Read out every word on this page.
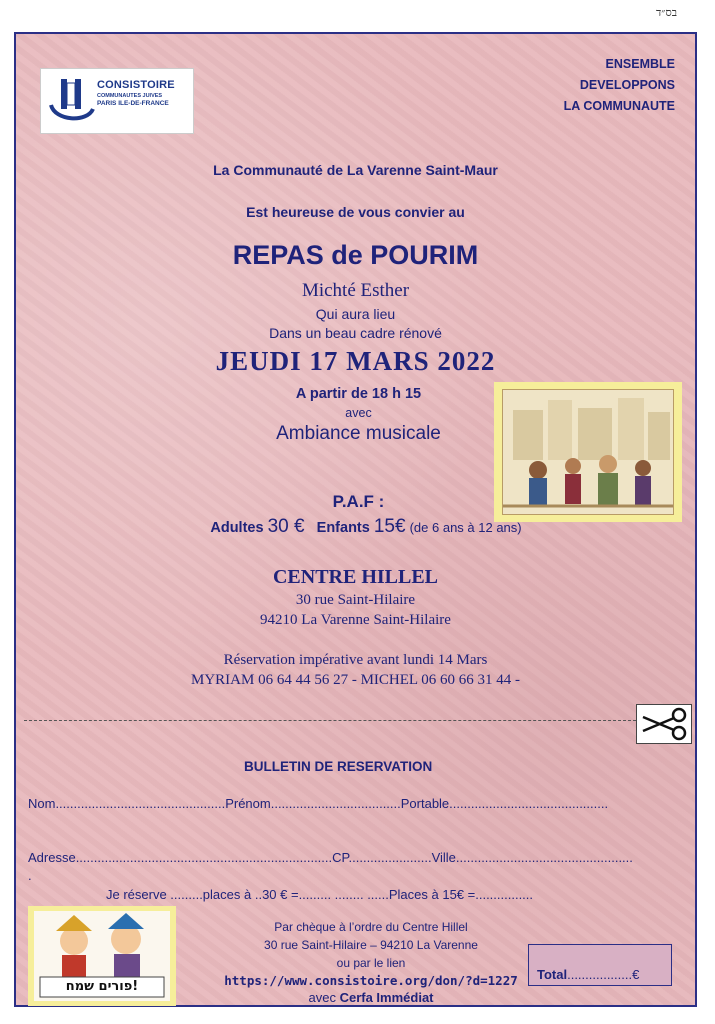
בס״ד
CONSISTOIRE
COMMUNAUTES JUIVES
PARIS ILE-DE-FRANCE
ENSEMBLE
DEVELOPPONS
LA COMMUNAUTE
La Communauté de La Varenne Saint-Maur
Est heureuse de vous convier au
REPAS de POURIM
Michté Esther
Qui aura lieu
Dans un beau cadre rénové
JEUDI 17 MARS 2022
A partir de 18 h 15
avec
Ambiance musicale
P.A.F :
Adultes 30 € Enfants 15€ (de 6 ans à 12 ans)
CENTRE HILLEL
30 rue Saint-Hilaire
94210 La Varenne Saint-Hilaire
Réservation impérative avant lundi 14 Mars
MYRIAM 06 64 44 56 27 - MICHEL 06 60 66 31 44 -
BULLETIN DE RESERVATION
Nom...............................................Prénom....................................Portable............................................
Adresse.......................................................................CP.......................Ville.................................................
.
Je réserve .........places à ..30 € =......... ........ ......Places à 15€ =................
פורים שמח!
Par chèque à l’ordre du Centre Hillel
30 rue Saint-Hilaire – 94210 La Varenne
ou par le lien
https://www.consistoire.org/don/?d=1227
avec Cerfa Immédiat
Total..................€
